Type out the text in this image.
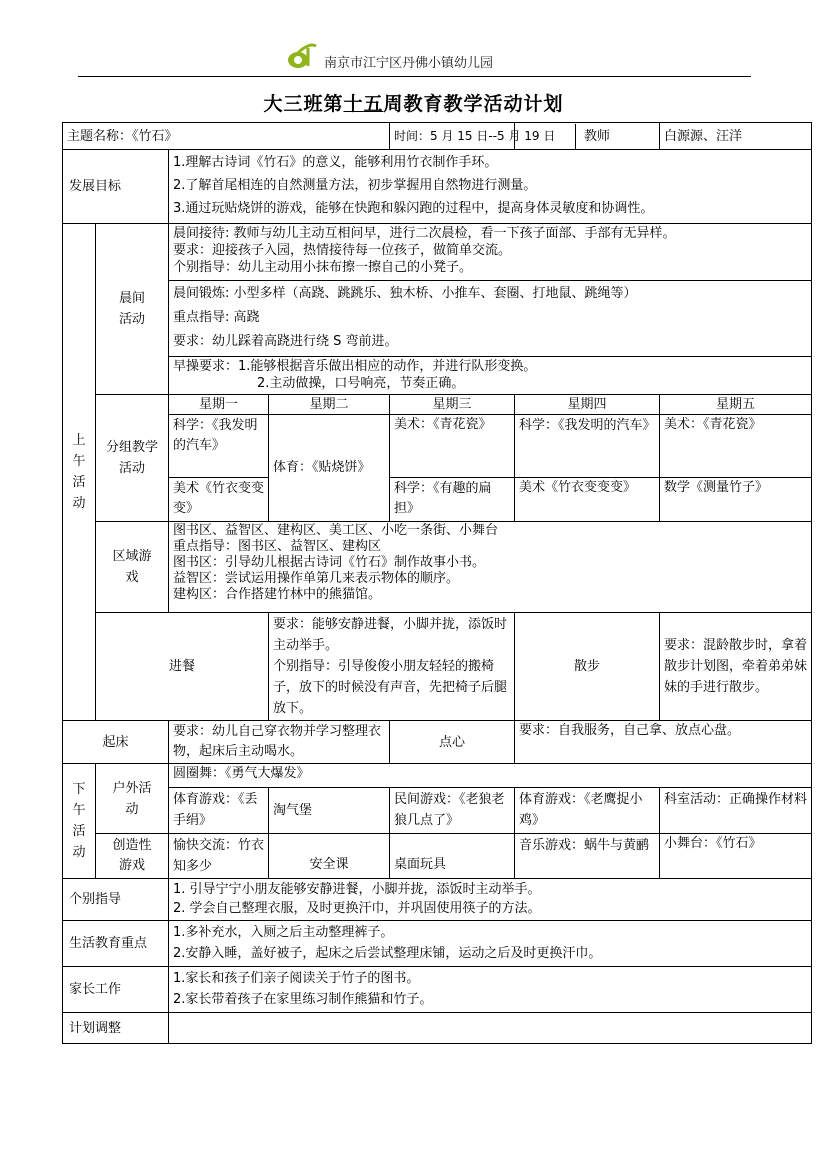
南京市江宁区丹佛小镇幼儿园
大三班第十五周教育教学活动计划
主题名称：《竹石》				时间：5 月 15 日--5 月 19 日	教师	白源源、汪洋
发展目标		1.理解古诗词《竹石》的意义，能够利用竹衣制作手环。
2.了解首尾相连的自然测量方法，初步掌握用自然物进行测量。
3.通过玩贴烧饼的游戏，能够在快跑和躲闪跑的过程中，提高身体灵敏度和协调性。				

上午活动	晨间活动	晨间接待: 教师与幼儿主动互相问早，进行二次晨检，看一下孩子面部、手部有无异样。
要求：迎接孩子入园，热情接待每一位孩子，做简单交流。
个别指导：幼儿主动用小抹布擦一擦自己的小凳子。				

		晨间锻炼: 小型多样（高跷、跳跳乐、独木桥、小推车、套圈、打地鼠、跳绳等）
重点指导: 高跷
要求：幼儿踩着高跷进行绕 S 弯前进。				

		早操要求：1.能够根据音乐做出相应的动作，并进行队形变换。
2.主动做操，口号响亮，节奏正确。				

	分组教学活动	星期一	星期二	星期三	星期四	星期五
		科学：《我发明的汽车》	体育：《贴烧饼》	美术：《青花瓷》	科学：《我发明的汽车》	美术：《青花瓷》
		美术《竹衣变变变》		科学：《有趣的扁担》	美术《竹衣变变变》	数学《测量竹子》

	区域游戏	图书区、益智区、建构区、美工区、小吃一条街、小舞台
重点指导：图书区、益智区、建构区
图书区：引导幼儿根据古诗词《竹石》制作故事小书。
益智区：尝试运用操作单第几来表示物体的顺序。
建构区：合作搭建竹林中的熊猫馆。				

	进餐		要求：能够安静进餐，小脚并拢，添饭时主动举手。
个别指导：引导俊俊小朋友轻轻的搬椅子，放下的时候没有声音，先把椅子后腿放下。		散步	要求：混龄散步时，拿着散步计划图，牵着弟弟妹妹的手进行散步。
起床		要求：幼儿自己穿衣物并学习整理衣物，起床后主动喝水。		点心	要求：自我服务，自己拿、放点心盘。	

下午活动	户外活动	圆圈舞：《勇气大爆发》				
		体育游戏：《丢手绢》	淘气堡	民间游戏：《老狼老狼几点了》	体育游戏：《老鹰捉小鸡》	科室活动：正确操作材料

	创造性游戏	愉快交流：竹衣知多少	安全课	桌面玩具	音乐游戏：蜗牛与黄鹂	小舞台：《竹石》
个别指导		1. 引导宁宁小朋友能够安静进餐，小脚并拢，添饭时主动举手。
2. 学会自己整理衣服，及时更换汗巾，并巩固使用筷子的方法。				

生活教育重点		1.多补充水，入厕之后主动整理裤子。
2.安静入睡，盖好被子，起床之后尝试整理床铺，运动之后及时更换汗巾。				

家长工作		1.家长和孩子们亲子阅读关于竹子的图书。
2.家长带着孩子在家里练习制作熊猫和竹子。				

计划调整						
